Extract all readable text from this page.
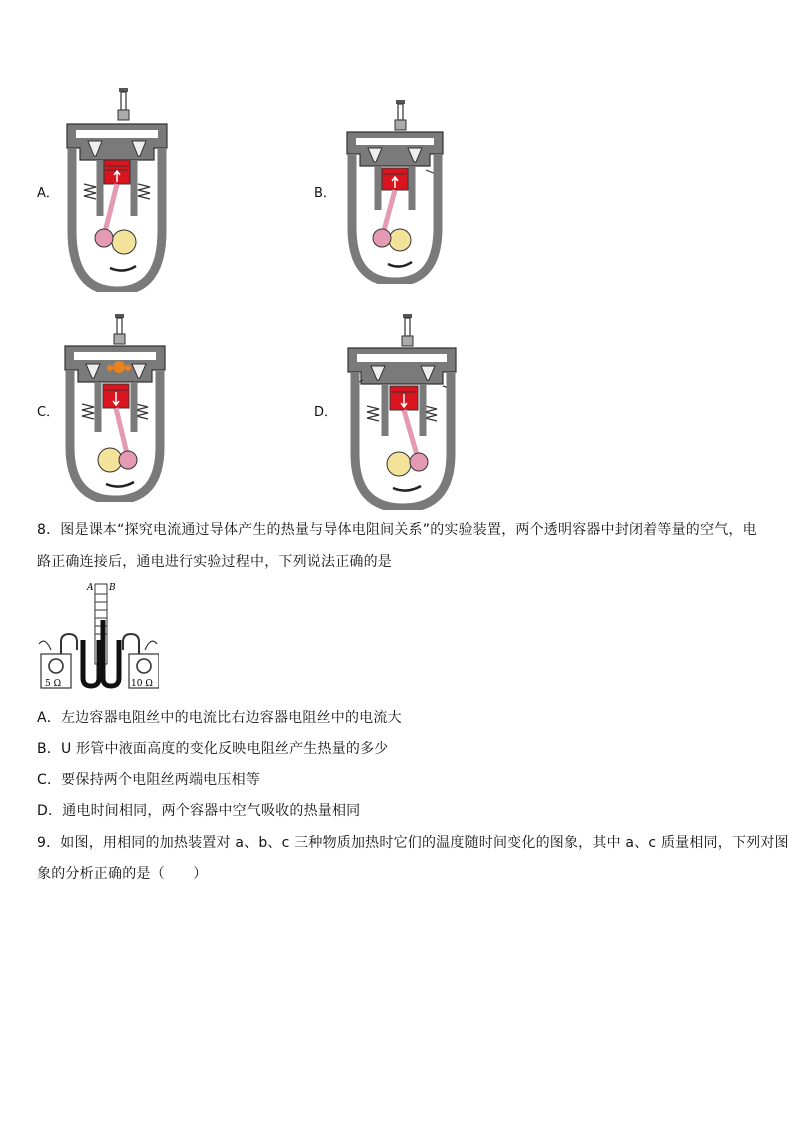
A．	B．
C．	D．
8．图是课本“探究电流通过导体产生的热量与导体电阻间关系”的实验装置，两个透明容器中封闭着等量的空气，电
路正确连接后，通电进行实验过程中，下列说法正确的是
A B
5 Ω	10 Ω
A．左边容器电阻丝中的电流比右边容器电阻丝中的电流大
B．U 形管中液面高度的变化反映电阻丝产生热量的多少
C．要保持两个电阻丝两端电压相等
D．通电时间相同，两个容器中空气吸收的热量相同
9．如图，用相同的加热装置对 a、b、c 三种物质加热时它们的温度随时间变化的图象，其中 a、c 质量相同，下列对图
象的分析正确的是（　　）
